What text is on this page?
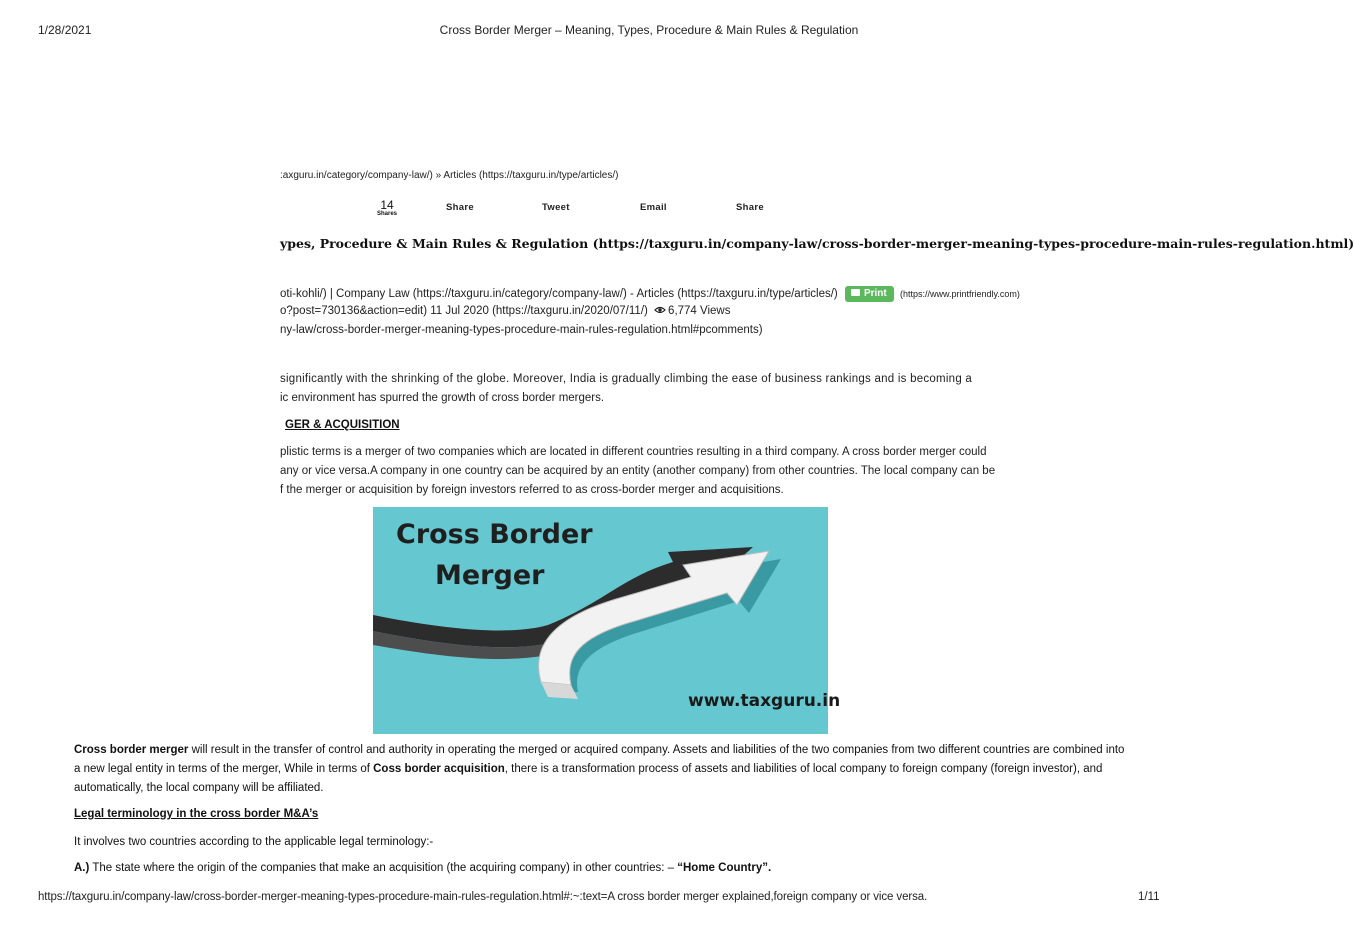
1/28/2021	Cross Border Merger – Meaning, Types, Procedure & Main Rules & Regulation
:axguru.in/category/company-law/) » Articles (https://taxguru.in/type/articles/)
14
Shares
Share	Tweet	Email	Share
ypes, Procedure & Main Rules & Regulation (https://taxguru.in/company-law/cross-border-merger-meaning-types-procedure-main-rules-regulation.html)
oti-kohli/) | Company Law (https://taxguru.in/category/company-law/) - Articles (https://taxguru.in/type/articles/)	Print (https://www.printfriendly.com)
o?post=730136&action=edit) 11 Jul 2020 (https://taxguru.in/2020/07/11/) 6,774 Views
ny-law/cross-border-merger-meaning-types-procedure-main-rules-regulation.html#pcomments)
significantly with the shrinking of the globe. Moreover, India is gradually climbing the ease of business rankings and is becoming a
ic environment has spurred the growth of cross border mergers.
GER & ACQUISITION
plistic terms is a merger of two companies which are located in different countries resulting in a third company. A cross border merger could
any or vice versa.A company in one country can be acquired by an entity (another company) from other countries. The local company can be
f the merger or acquisition by foreign investors referred to as cross-border merger and acquisitions.
Cross Border
Merger
www.taxguru.in
Cross border merger will result in the transfer of control and authority in operating the merged or acquired company. Assets and liabilities of the two companies from two different countries are combined into a new legal entity in terms of the merger, While in terms of Coss border acquisition, there is a transformation process of assets and liabilities of local company to foreign company (foreign investor), and automatically, the local company will be affiliated.
Legal terminology in the cross border M&A’s
It involves two countries according to the applicable legal terminology:-
A.) The state where the origin of the companies that make an acquisition (the acquiring company) in other countries: – “Home Country”.
https://taxguru.in/company-law/cross-border-merger-meaning-types-procedure-main-rules-regulation.html#:~:text=A cross border merger explained,foreign company or vice versa.	1/11
